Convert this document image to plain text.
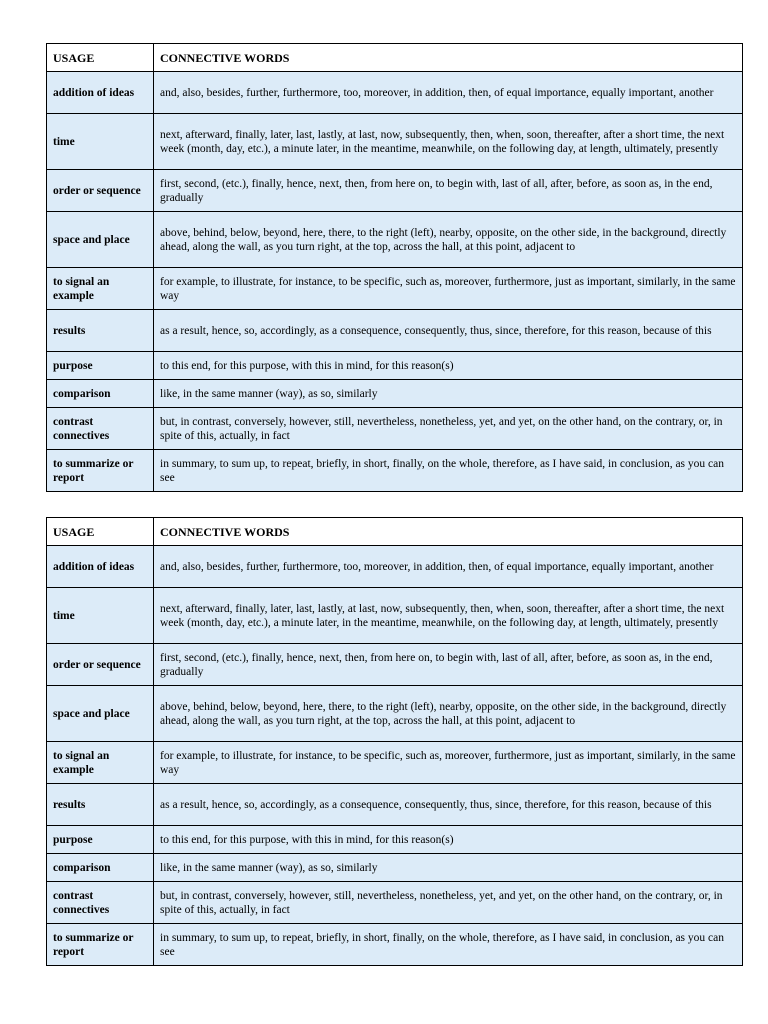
USAGE	CONNECTIVE WORDS
addition of ideas	and, also, besides, further, furthermore, too, moreover, in addition, then, of equal importance, equally important, another
time	next, afterward, finally, later, last, lastly, at last, now, subsequently, then, when, soon, thereafter, after a short time, the next week (month, day, etc.), a minute later, in the meantime, meanwhile, on the following day, at length, ultimately, presently
order or sequence	first, second, (etc.), finally, hence, next, then, from here on, to begin with, last of all, after, before, as soon as, in the end, gradually
space and place	above, behind, below, beyond, here, there, to the right (left), nearby, opposite, on the other side, in the background, directly ahead, along the wall, as you turn right, at the top, across the hall, at this point, adjacent to
to signal an example	for example, to illustrate, for instance, to be specific, such as, moreover, furthermore, just as important, similarly, in the same way
results	as a result, hence, so, accordingly, as a consequence, consequently, thus, since, therefore, for this reason, because of this
purpose	to this end, for this purpose, with this in mind, for this reason(s)
comparison	like, in the same manner (way), as so, similarly
contrast connectives	but, in contrast, conversely, however, still, nevertheless, nonetheless, yet, and yet, on the other hand, on the contrary, or, in spite of this, actually, in fact
to summarize or report	in summary, to sum up, to repeat, briefly, in short, finally, on the whole, therefore, as I have said, in conclusion, as you can see
USAGE	CONNECTIVE WORDS
addition of ideas	and, also, besides, further, furthermore, too, moreover, in addition, then, of equal importance, equally important, another
time	next, afterward, finally, later, last, lastly, at last, now, subsequently, then, when, soon, thereafter, after a short time, the next week (month, day, etc.), a minute later, in the meantime, meanwhile, on the following day, at length, ultimately, presently
order or sequence	first, second, (etc.), finally, hence, next, then, from here on, to begin with, last of all, after, before, as soon as, in the end, gradually
space and place	above, behind, below, beyond, here, there, to the right (left), nearby, opposite, on the other side, in the background, directly ahead, along the wall, as you turn right, at the top, across the hall, at this point, adjacent to
to signal an example	for example, to illustrate, for instance, to be specific, such as, moreover, furthermore, just as important, similarly, in the same way
results	as a result, hence, so, accordingly, as a consequence, consequently, thus, since, therefore, for this reason, because of this
purpose	to this end, for this purpose, with this in mind, for this reason(s)
comparison	like, in the same manner (way), as so, similarly
contrast connectives	but, in contrast, conversely, however, still, nevertheless, nonetheless, yet, and yet, on the other hand, on the contrary, or, in spite of this, actually, in fact
to summarize or report	in summary, to sum up, to repeat, briefly, in short, finally, on the whole, therefore, as I have said, in conclusion, as you can see
